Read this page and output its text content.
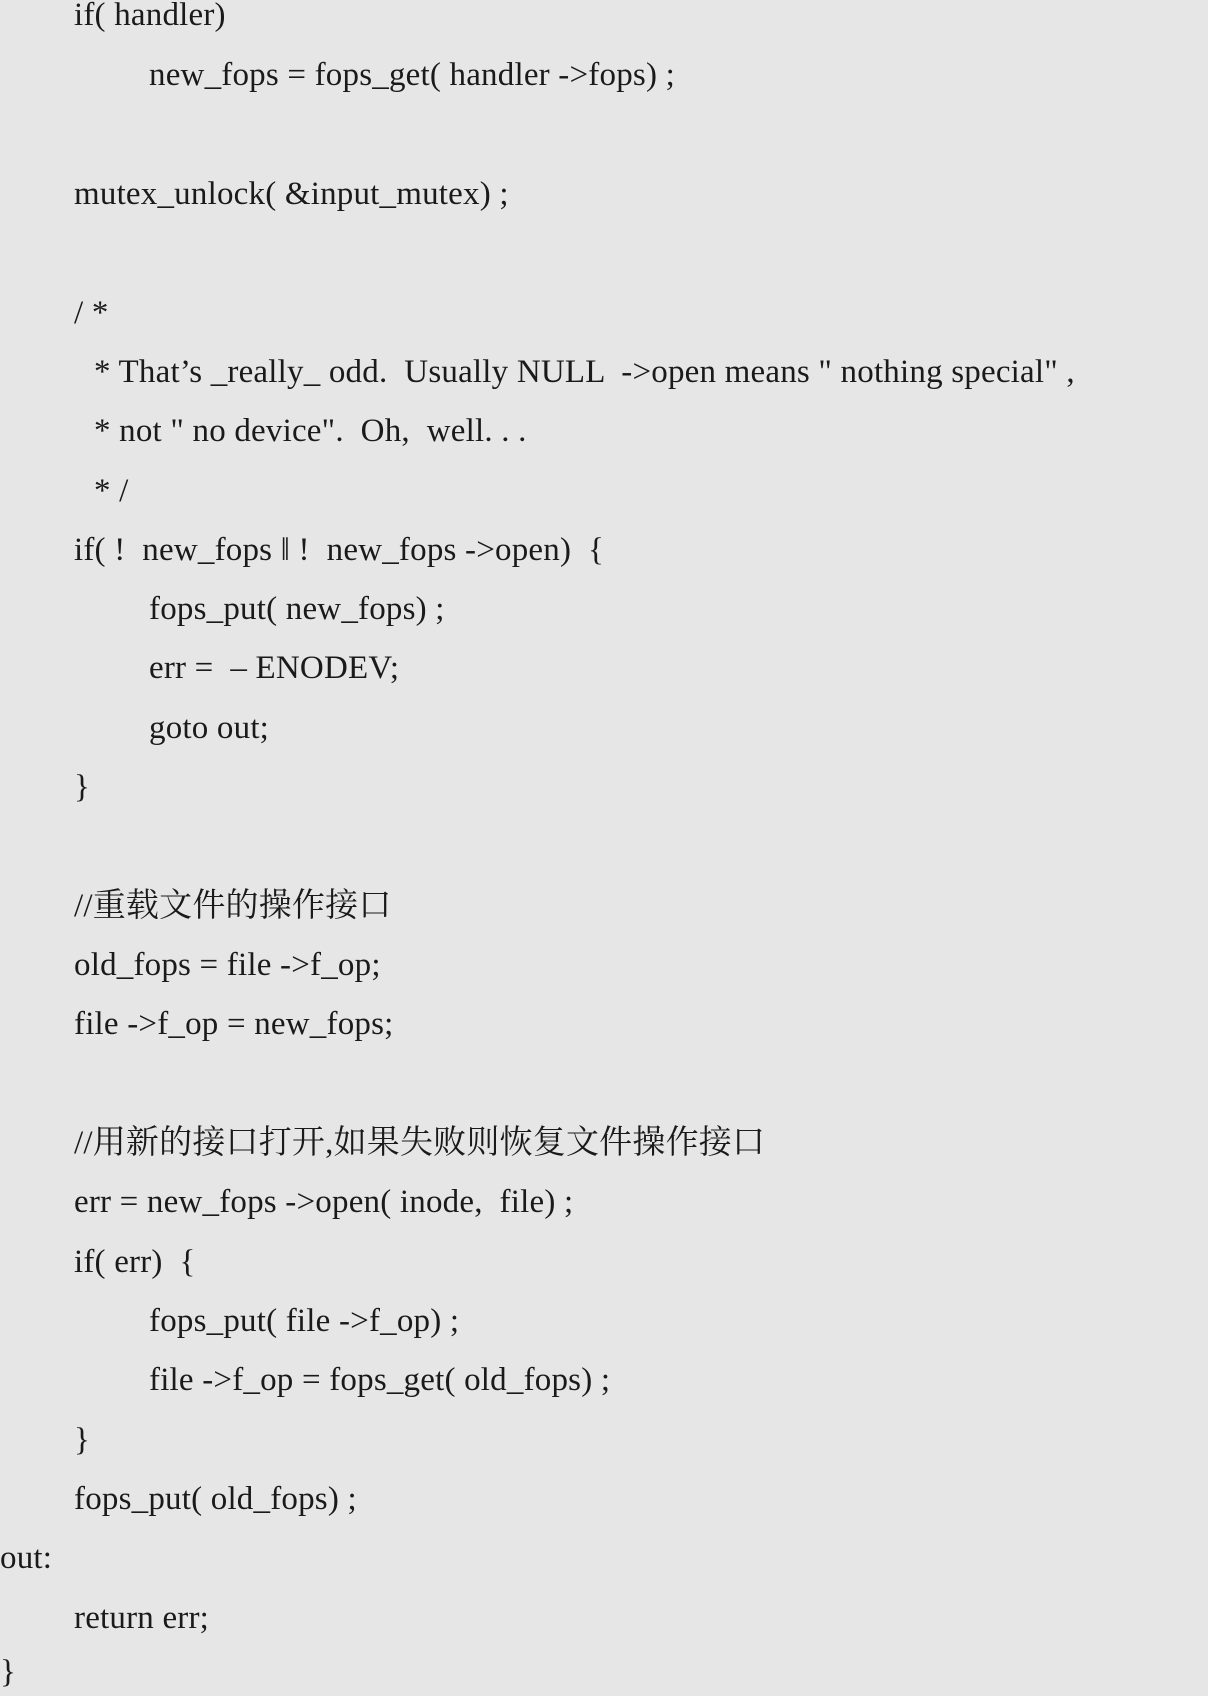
if( handler)
new_fops = fops_get( handler ->fops) ;
mutex_unlock( &input_mutex) ;
/ *
* That’s _really_ odd.  Usually NULL  ->open means " nothing special" ,
* not " no device".  Oh,  well. . .
* /
if( !  new_fops ‖ !  new_fops ->open)  {
fops_put( new_fops) ;
err =  – ENODEV;
goto out;
}
//重载文件的操作接口
old_fops = file ->f_op;
file ->f_op = new_fops;
//用新的接口打开,如果失败则恢复文件操作接口
err = new_fops ->open( inode,  file) ;
if( err)  {
fops_put( file ->f_op) ;
file ->f_op = fops_get( old_fops) ;
}
fops_put( old_fops) ;
out:
return err;
}
